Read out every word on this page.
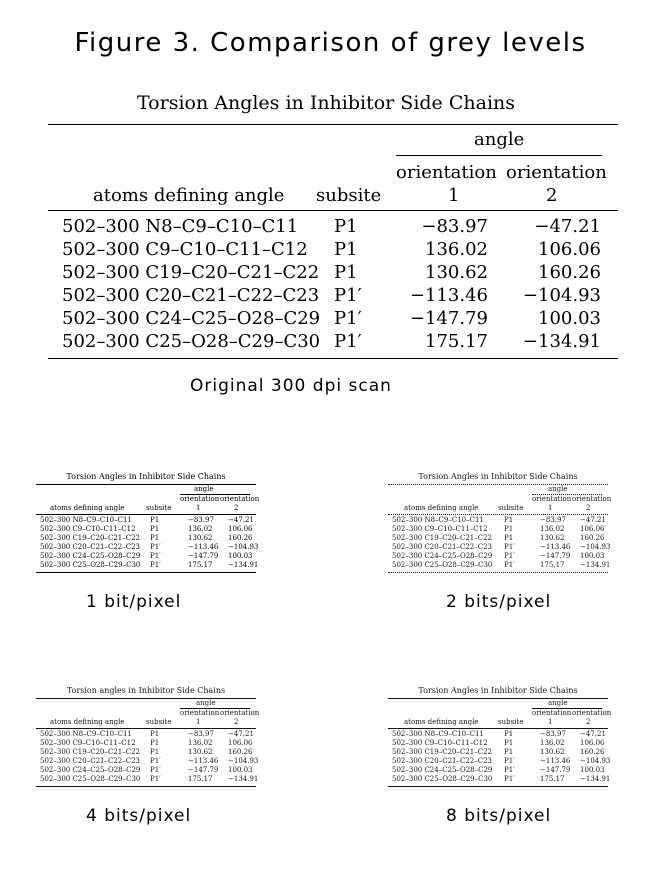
Figure 3. Comparison of grey levels
Torsion Angles in Inhibitor Side Chains
angle
orientation
1
orientation
2
atoms defining angle subsite
502–300 N8–C9–C10–C11 P1	−83.97	−47.21
502–300 C9–C10–C11–C12 P1	136.02	106.06
502–300 C19–C20–C21–C22 P1	130.62	160.26
502–300 C20–C21–C22–C23 P1′	−113.46 −104.93
502–300 C24–C25–O28–C29 P1′	−147.79	100.03
502–300 C25–O28–C29–C30 P1′	175.17 −134.91
Original 300 dpi scan
Torsion Angles in Inhibitor Side Chains
angle
orientation orientation
1	2
atoms defining angle	subsite
502–300 N8–C9–C10–C11	P1	−83.97 −47.21
502–300 C9–C10–C11–C12 P1	136.02 106.06
502–300 C19–C20–C21–C22 P1	130.62 160.26
502–300 C20–C21–C22–C23 P1′	−113.46 −104.93
502–300 C24–C25–O28–C29 P1′	−147.79 100.03
502–300 C25–O28–C29–C30 P1′	175.17 −134.91
1 bit/pixel
Torsion Angles in Inhibitor Side Chains
angle
orientation orientation
1	2
atoms defining angle	subsite
502–300 N8–C9–C10–C11	P1	−83.97 −47.21
502–300 C9–C10–C11–C12 P1	136.02 106.06
502–300 C19–C20–C21–C22 P1	130.62 160.26
502–300 C20–C21–C22–C23 P1′	−113.46 −104.93
502–300 C24–C25–O28–C29 P1′	−147.79 100.03
502–300 C25–O28–C29–C30 P1′	175.17 −134.91
2 bits/pixel
Torsion angles in Inhibitor Side Chains
angle
orientation orientation
1	2
atoms defining angle	subsite
502–300 N8–C9–C10–C11	P1	−83.97 −47.21
502–300 C9–C10–C11–C12 P1	136.02 106.06
502–300 C19–C20–C21–C22 P1	130.62 160.26
502–300 C20–C21–C22–C23 P1′	−113.46 −104.93
502–300 C24–C25–O28–C29 P1′	−147.79 100.03
502–300 C25–O28–C29–C30 P1′	175.17 −134.91
4 bits/pixel
Torsion Angles in Inhibitor Side Chains
angle
orientation orientation
1	2
atoms defining angle	subsite
502–300 N8–C9–C10–C11	P1	−83.97 −47.21
502–300 C9–C10–C11–C12 P1	136.02 106.06
502–300 C19–C20–C21–C22 P1	130.62 160.26
502–300 C20–C21–C22–C23 P1′	−113.46 −104.93
502–300 C24–C25–O28–C29 P1′	−147.79 100.03
502–300 C25–O28–C29–C30 P1′	175.17 −134.91
8 bits/pixel
